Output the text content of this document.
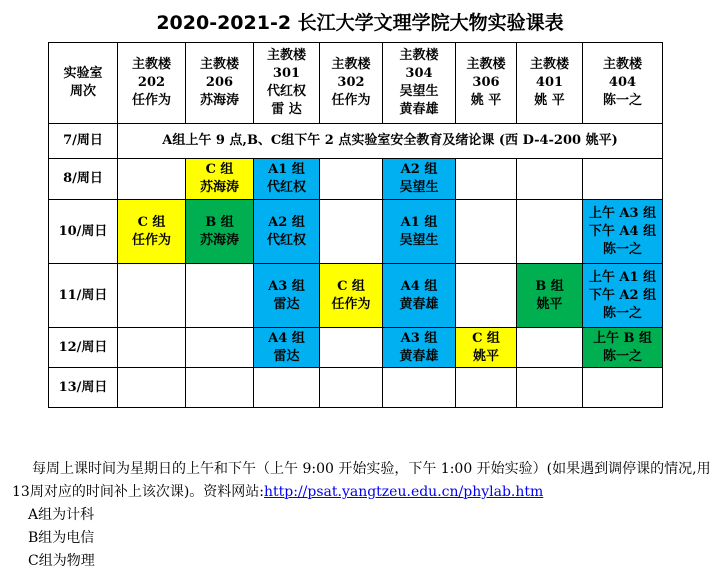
2020-2021-2 长江大学文理学院大物实验课表
实验室
周次	主教楼
202
任作为	主教楼
206
苏海涛	主教楼
301
代红权
雷 达	主教楼
302
任作为	主教楼
304
吴望生
黄春雄	主教楼
306
姚 平	主教楼
401
姚 平	主教楼
404
陈一之

7/周日	A组上午 9 点,B、C组下午 2 点实验室安全教育及绪论课 (西 D-4-200 姚平)							
8/周日		C 组
苏海涛	A1 组
代红权		A2 组
吴望生			

10/周日	C 组
任作为	B 组
苏海涛	A2 组
代红权		A1 组
吴望生			上午 A3 组
下午 A4 组
陈一之

11/周日			A3 组
雷达	C 组
任作为	A4 组
黄春雄		B 组
姚平	上午 A1 组
下午 A2 组
陈一之

12/周日			A4 组
雷达		A3 组
黄春雄	C 组
姚平		上午 B 组
陈一之

13/周日								
每周上课时间为星期日的上午和下午（上午 9:00 开始实验，下午 1:00 开始实验）(如果遇到调停课的情况,用 13周对应的时间补上该次课)。资料网站:http://psat.yangtzeu.edu.cn/phylab.htm
A组为计科
B组为电信
C组为物理
